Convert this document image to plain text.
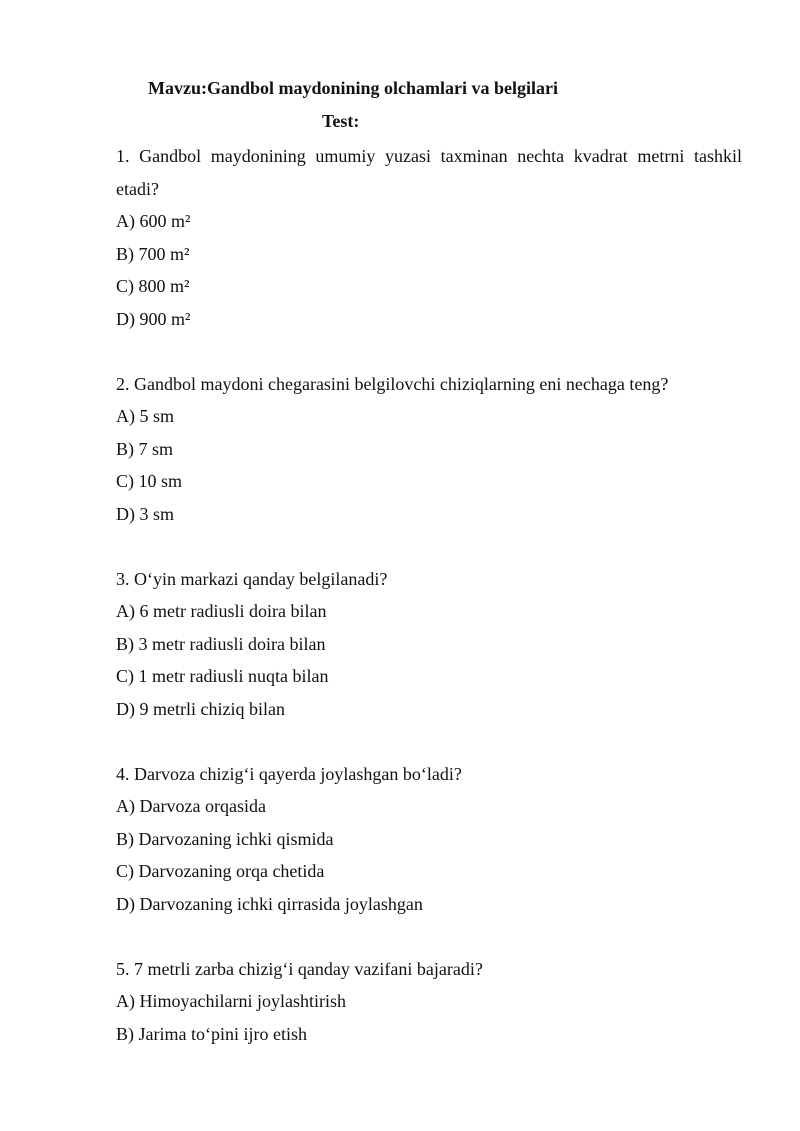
Mavzu:Gandbol maydonining olchamlari va belgilari
Test:

1. Gandbol maydonining umumiy yuzasi taxminan nechta kvadrat metrni tashkil etadi?

A) 600 m²

B) 700 m²

C) 800 m²

D) 900 m²

2. Gandbol maydoni chegarasini belgilovchi chiziqlarning eni nechaga teng?

A) 5 sm

B) 7 sm

C) 10 sm

D) 3 sm

3. O‘yin markazi qanday belgilanadi?

A) 6 metr radiusli doira bilan

B) 3 metr radiusli doira bilan

C) 1 metr radiusli nuqta bilan

D) 9 metrli chiziq bilan

4. Darvoza chizig‘i qayerda joylashgan bo‘ladi?

A) Darvoza orqasida

B) Darvozaning ichki qismida

C) Darvozaning orqa chetida

D) Darvozaning ichki qirrasida joylashgan

5. 7 metrli zarba chizig‘i qanday vazifani bajaradi?

A) Himoyachilarni joylashtirish

B) Jarima to‘pini ijro etish
